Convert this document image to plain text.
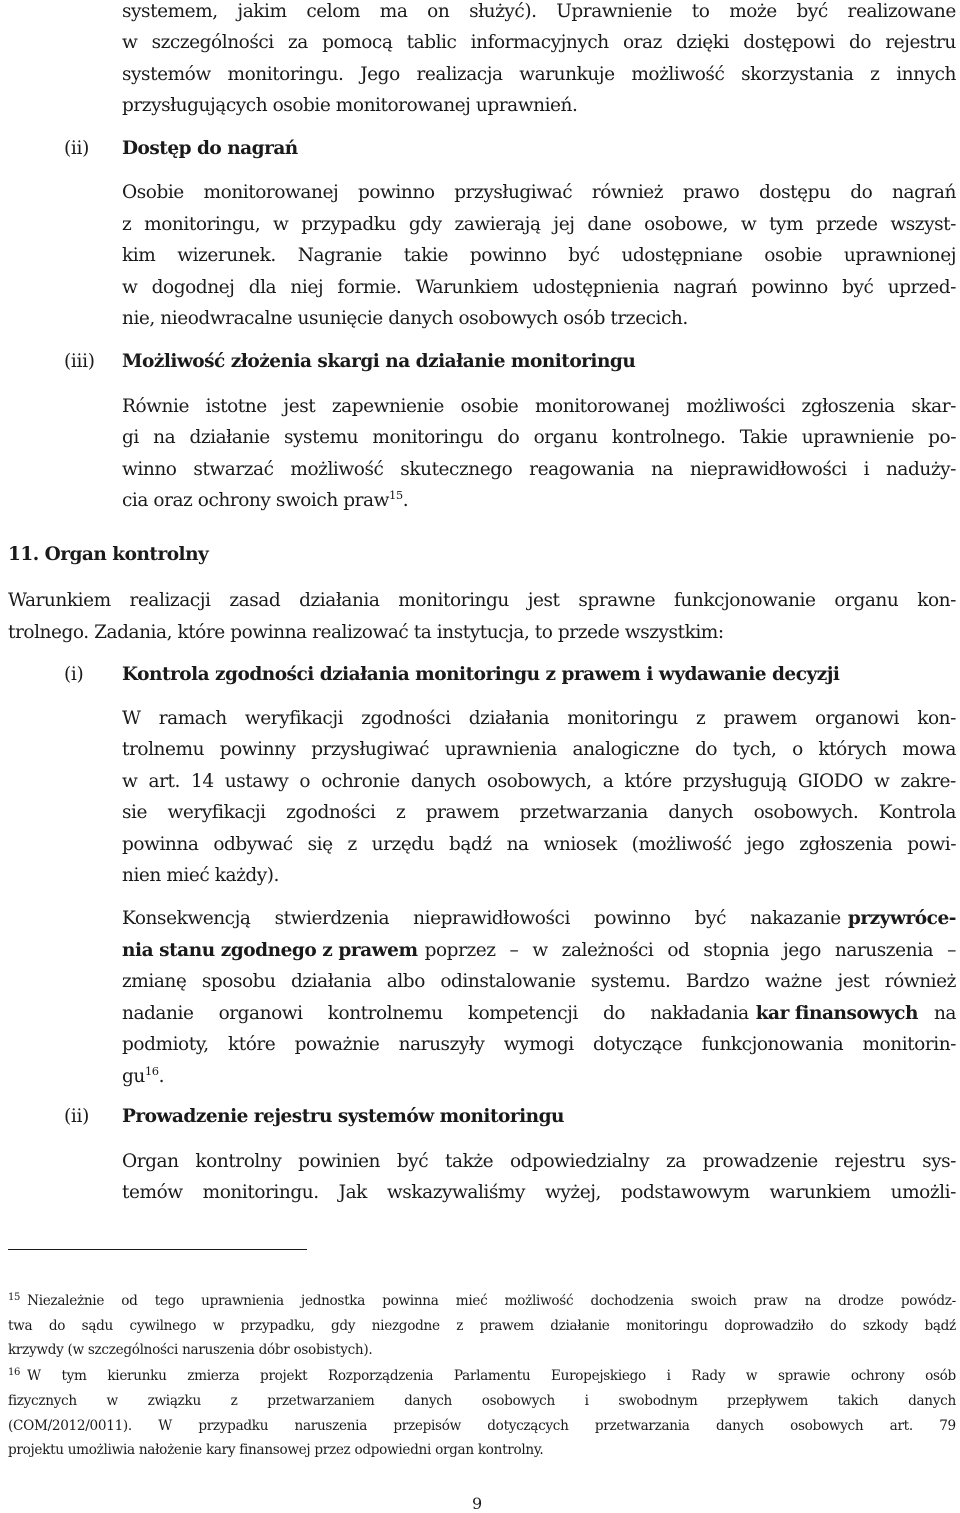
systemem, jakim celom ma on służyć). Uprawnienie to może być realizowane
w szczególności za pomocą tablic informacyjnych oraz dzięki dostępowi do rejestru
systemów monitoringu. Jego realizacja warunkuje możliwość skorzystania z innych
przysługujących osobie monitorowanej uprawnień.
(ii) Dostęp do nagrań
Osobie monitorowanej powinno przysługiwać również prawo dostępu do nagrań
z monitoringu, w przypadku gdy zawierają jej dane osobowe, w tym przede wszyst-
kim wizerunek. Nagranie takie powinno być udostępniane osobie uprawnionej
w dogodnej dla niej formie. Warunkiem udostępnienia nagrań powinno być uprzed-
nie, nieodwracalne usunięcie danych osobowych osób trzecich.
(iii) Możliwość złożenia skargi na działanie monitoringu
Równie istotne jest zapewnienie osobie monitorowanej możliwości zgłoszenia skar-
gi na działanie systemu monitoringu do organu kontrolnego. Takie uprawnienie po-
winno stwarzać możliwość skutecznego reagowania na nieprawidłowości i naduży-
cia oraz ochrony swoich praw$^{15}$.
11. Organ kontrolny
Warunkiem realizacji zasad działania monitoringu jest sprawne funkcjonowanie organu kon-
trolnego. Zadania, które powinna realizować ta instytucja, to przede wszystkim:
(i) Kontrola zgodności działania monitoringu z prawem i wydawanie decyzji
W ramach weryfikacji zgodności działania monitoringu z prawem organowi kon-
trolnemu powinny przysługiwać uprawnienia analogiczne do tych, o których mowa
w art. 14 ustawy o ochronie danych osobowych, a które przysługują GIODO w zakre-
sie weryfikacji zgodności z prawem przetwarzania danych osobowych. Kontrola
powinna odbywać się z urzędu bądź na wniosek (możliwość jego zgłoszenia powi-
nien mieć każdy).
Konsekwencją stwierdzenia nieprawidłowości powinno być nakazanie przywróce-
nia stanu zgodnego z prawem poprzez – w zależności od stopnia jego naruszenia –
zmianę sposobu działania albo odinstalowanie systemu. Bardzo ważne jest również
nadanie organowi kontrolnemu kompetencji do nakładania kar finansowych na
podmioty, które poważnie naruszyły wymogi dotyczące funkcjonowania monitorin-
$gu^{16}$.
(ii) Prowadzenie rejestru systemów monitoringu
Organ kontrolny powinien być także odpowiedzialny za prowadzenie rejestru sys-
temów monitoringu. Jak wskazywaliśmy wyżej, podstawowym warunkiem umożli-
$^{15}$ Niezależnie od tego uprawnienia jednostka powinna mieć możliwość dochodzenia swoich praw na drodze powódz-
twa do sądu cywilnego w przypadku, gdy niezgodne z prawem działanie monitoringu doprowadziło do szkody bądź
krzywdy (w szczególności naruszenia dóbr osobistych).
$^{16}$ W tym kierunku zmierza projekt Rozporządzenia Parlamentu Europejskiego i Rady w sprawie ochrony osób
fizycznych w związku z przetwarzaniem danych osobowych i swobodnym przepływem takich danych
(COM/2012/0011). W przypadku naruszenia przepisów dotyczących przetwarzania danych osobowych art. 79
projektu umożliwia nałożenie kary finansowej przez odpowiedni organ kontrolny.
9
